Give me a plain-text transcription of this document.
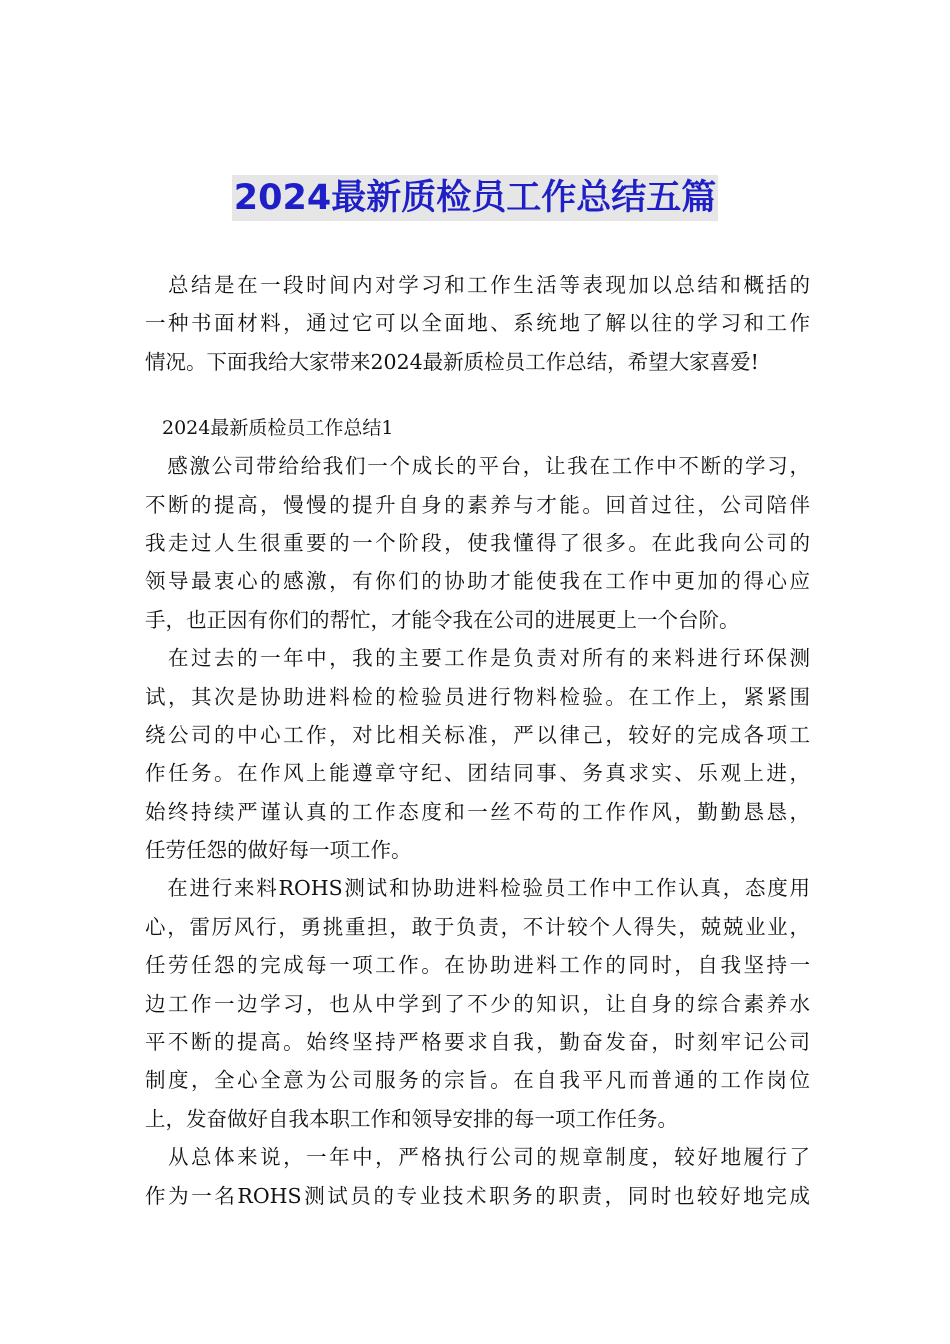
2024最新质检员工作总结五篇
　总结是在一段时间内对学习和工作生活等表现加以总结和概括的
一种书面材料，通过它可以全面地、系统地了解以往的学习和工作
情况。下面我给大家带来2024最新质检员工作总结，希望大家喜爱!
2024最新质检员工作总结1
　感激公司带给给我们一个成长的平台，让我在工作中不断的学习，
不断的提高，慢慢的提升自身的素养与才能。回首过往，公司陪伴
我走过人生很重要的一个阶段，使我懂得了很多。在此我向公司的
领导最衷心的感激，有你们的协助才能使我在工作中更加的得心应
手，也正因有你们的帮忙，才能令我在公司的进展更上一个台阶。
　在过去的一年中，我的主要工作是负责对所有的来料进行环保测
试，其次是协助进料检的检验员进行物料检验。在工作上，紧紧围
绕公司的中心工作，对比相关标准，严以律己，较好的完成各项工
作任务。在作风上能遵章守纪、团结同事、务真求实、乐观上进，
始终持续严谨认真的工作态度和一丝不苟的工作作风，勤勤恳恳，
任劳任怨的做好每一项工作。
　在进行来料ROHS测试和协助进料检验员工作中工作认真，态度用
心，雷厉风行，勇挑重担，敢于负责，不计较个人得失，兢兢业业，
任劳任怨的完成每一项工作。在协助进料工作的同时，自我坚持一
边工作一边学习，也从中学到了不少的知识，让自身的综合素养水
平不断的提高。始终坚持严格要求自我，勤奋发奋，时刻牢记公司
制度，全心全意为公司服务的宗旨。在自我平凡而普通的工作岗位
上，发奋做好自我本职工作和领导安排的每一项工作任务。
　从总体来说，一年中，严格执行公司的规章制度，较好地履行了
作为一名ROHS测试员的专业技术职务的职责，同时也较好地完成
